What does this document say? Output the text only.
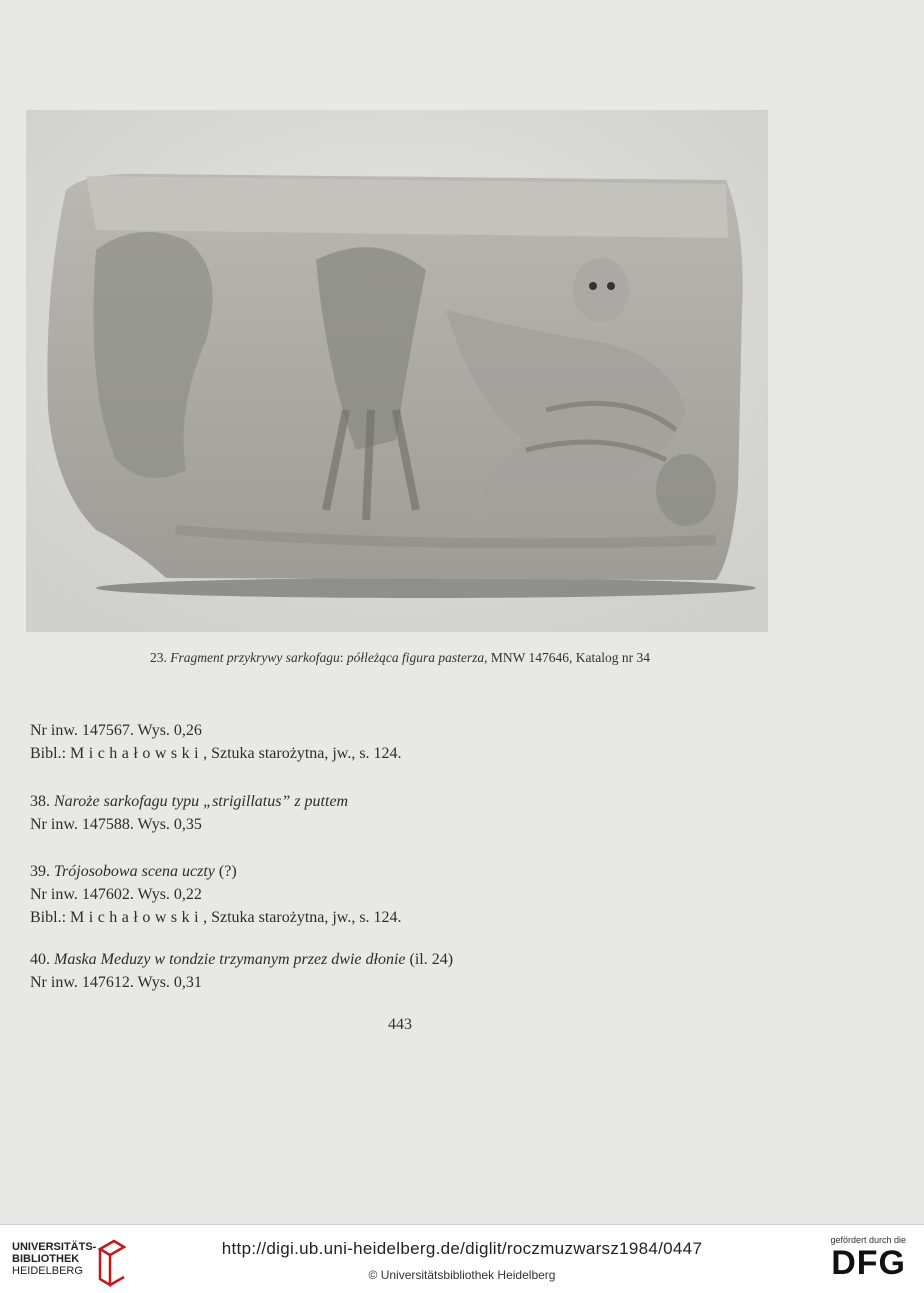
23. Fragment przykrywy sarkofagu: półleżąca figura pasterza, MNW 147646, Katalog nr 34
Nr inw. 147567. Wys. 0,26
Bibl.: Michałowski, Sztuka starożytna, jw., s. 124.
38. Naroże sarkofagu typu „strigillatus” z puttem
Nr inw. 147588. Wys. 0,35
39. Trójosobowa scena uczty (?)
Nr inw. 147602. Wys. 0,22
Bibl.: Michałowski, Sztuka starożytna, jw., s. 124.
40. Maska Meduzy w tondzie trzymanym przez dwie dłonie (il. 24)
Nr inw. 147612. Wys. 0,31
443
UNIVERSITÄTS-
BIBLIOTHEK
HEIDELBERG
http://digi.ub.uni-heidelberg.de/diglit/roczmuzwarsz1984/0447
© Universitätsbibliothek Heidelberg
gefördert durch die
DFG
